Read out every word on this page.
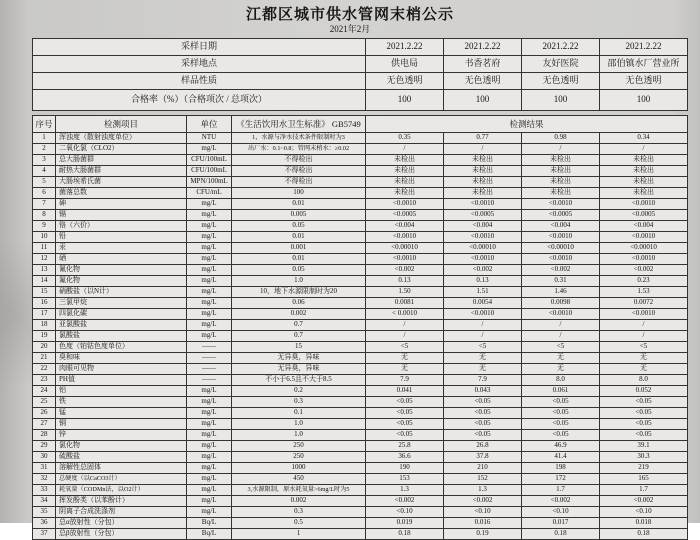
江都区城市供水管网末梢公示
2021年2月
采样日期	2021.2.22	2021.2.22	2021.2.22	2021.2.22
采样地点	供电局	书香茗府	友好医院	邵伯镇水厂营业所
样品性质	无色透明	无色透明	无色透明	无色透明
合格率（%）（合格项次 / 总项次）	100	100	100	100
序号	检测项目	单位	《生活饮用水卫生标准》 GB5749	检测结果			
1	浑浊度（散射浊度单位）	NTU	1，水源与净水技术条件限制时为3	0.35	0.77	0.98	0.34
2	二氧化氯（CLO2）	mg/L	出厂水：0.1~0.8；管网末梢水：≥0.02	/	/	/	/
3	总大肠菌群	CFU/100mL	不得检出	未检出	未检出	未检出	未检出
4	耐热大肠菌群	CFU/100mL	不得检出	未检出	未检出	未检出	未检出
5	大肠埃希氏菌	MPN/100mL	不得检出	未检出	未检出	未检出	未检出
6	菌落总数	CFU/mL	100	未检出	未检出	未检出	未检出
7	砷	mg/L	0.01	<0.0010	<0.0010	<0.0010	<0.0010
8	镉	mg/L	0.005	<0.0005	<0.0005	<0.0005	<0.0005
9	铬（六价）	mg/L	0.05	<0.004	<0.004	<0.004	<0.004
10	铅	mg/L	0.01	<0.0010	<0.0010	<0.0010	<0.0010
11	汞	mg/L	0.001	<0.00010	<0.00010	<0.00010	<0.00010
12	硒	mg/L	0.01	<0.0010	<0.0010	<0.0010	<0.0010
13	氰化物	mg/L	0.05	<0.002	<0.002	<0.002	<0.002
14	氟化物	mg/L	1.0	0.13	0.13	0.31	0.23
15	硝酸盐（以N计）	mg/L	10，地下水源限制时为20	1.50	1.51	1.46	1.53
16	三氯甲烷	mg/L	0.06	0.0081	0.0054	0.0098	0.0072
17	四氯化碳	mg/L	0.002	< 0.0010	<0.0010	<0.0010	<0.0010
18	亚氯酸盐	mg/L	0.7	/	/	/	/
19	氯酸盐	mg/L	0.7	/	/	/	/
20	色度（铂钴色度单位）	——	15	<5	<5	<5	<5
21	臭和味	——	无异臭，异味	无	无	无	无
22	肉眼可见物	——	无异臭，异味	无	无	无	无
23	PH值	——	不小于6.5且不大于8.5	7.9	7.9	8.0	8.0
24	铝	mg/L	0.2	0.041	0.043	0.061	0.052
25	铁	mg/L	0.3	<0.05	<0.05	<0.05	<0.05
26	锰	mg/L	0.1	<0.05	<0.05	<0.05	<0.05
27	铜	mg/L	1.0	<0.05	<0.05	<0.05	<0.05
28	锌	mg/L	1.0	<0.05	<0.05	<0.05	<0.05
29	氯化物	mg/L	250	25.8	26.8	46.9	39.1
30	硫酸盐	mg/L	250	36.6	37.8	41.4	30.3
31	溶解性总固体	mg/L	1000	190	210	198	219
32	总硬度（以CaCO3计）	mg/L	450	153	152	172	165
33	耗氧量（CODMn法，以O2计）	mg/L	3,水源限制，原水耗氧量>6mg/L时为5	1.3	1.3	1.7	1.7
34	挥发酚类（以苯酚计）	mg/L	0.002	<0.002	<0.002	<0.002	<0.002
35	阴离子合成洗涤剂	mg/L	0.3	<0.10	<0.10	<0.10	<0.10
36	总α放射性（分包）	Bq/L	0.5	0.019	0.016	0.017	0.018
37	总β放射性（分包）	Bq/L	1	0.18	0.19	0.18	0.18
